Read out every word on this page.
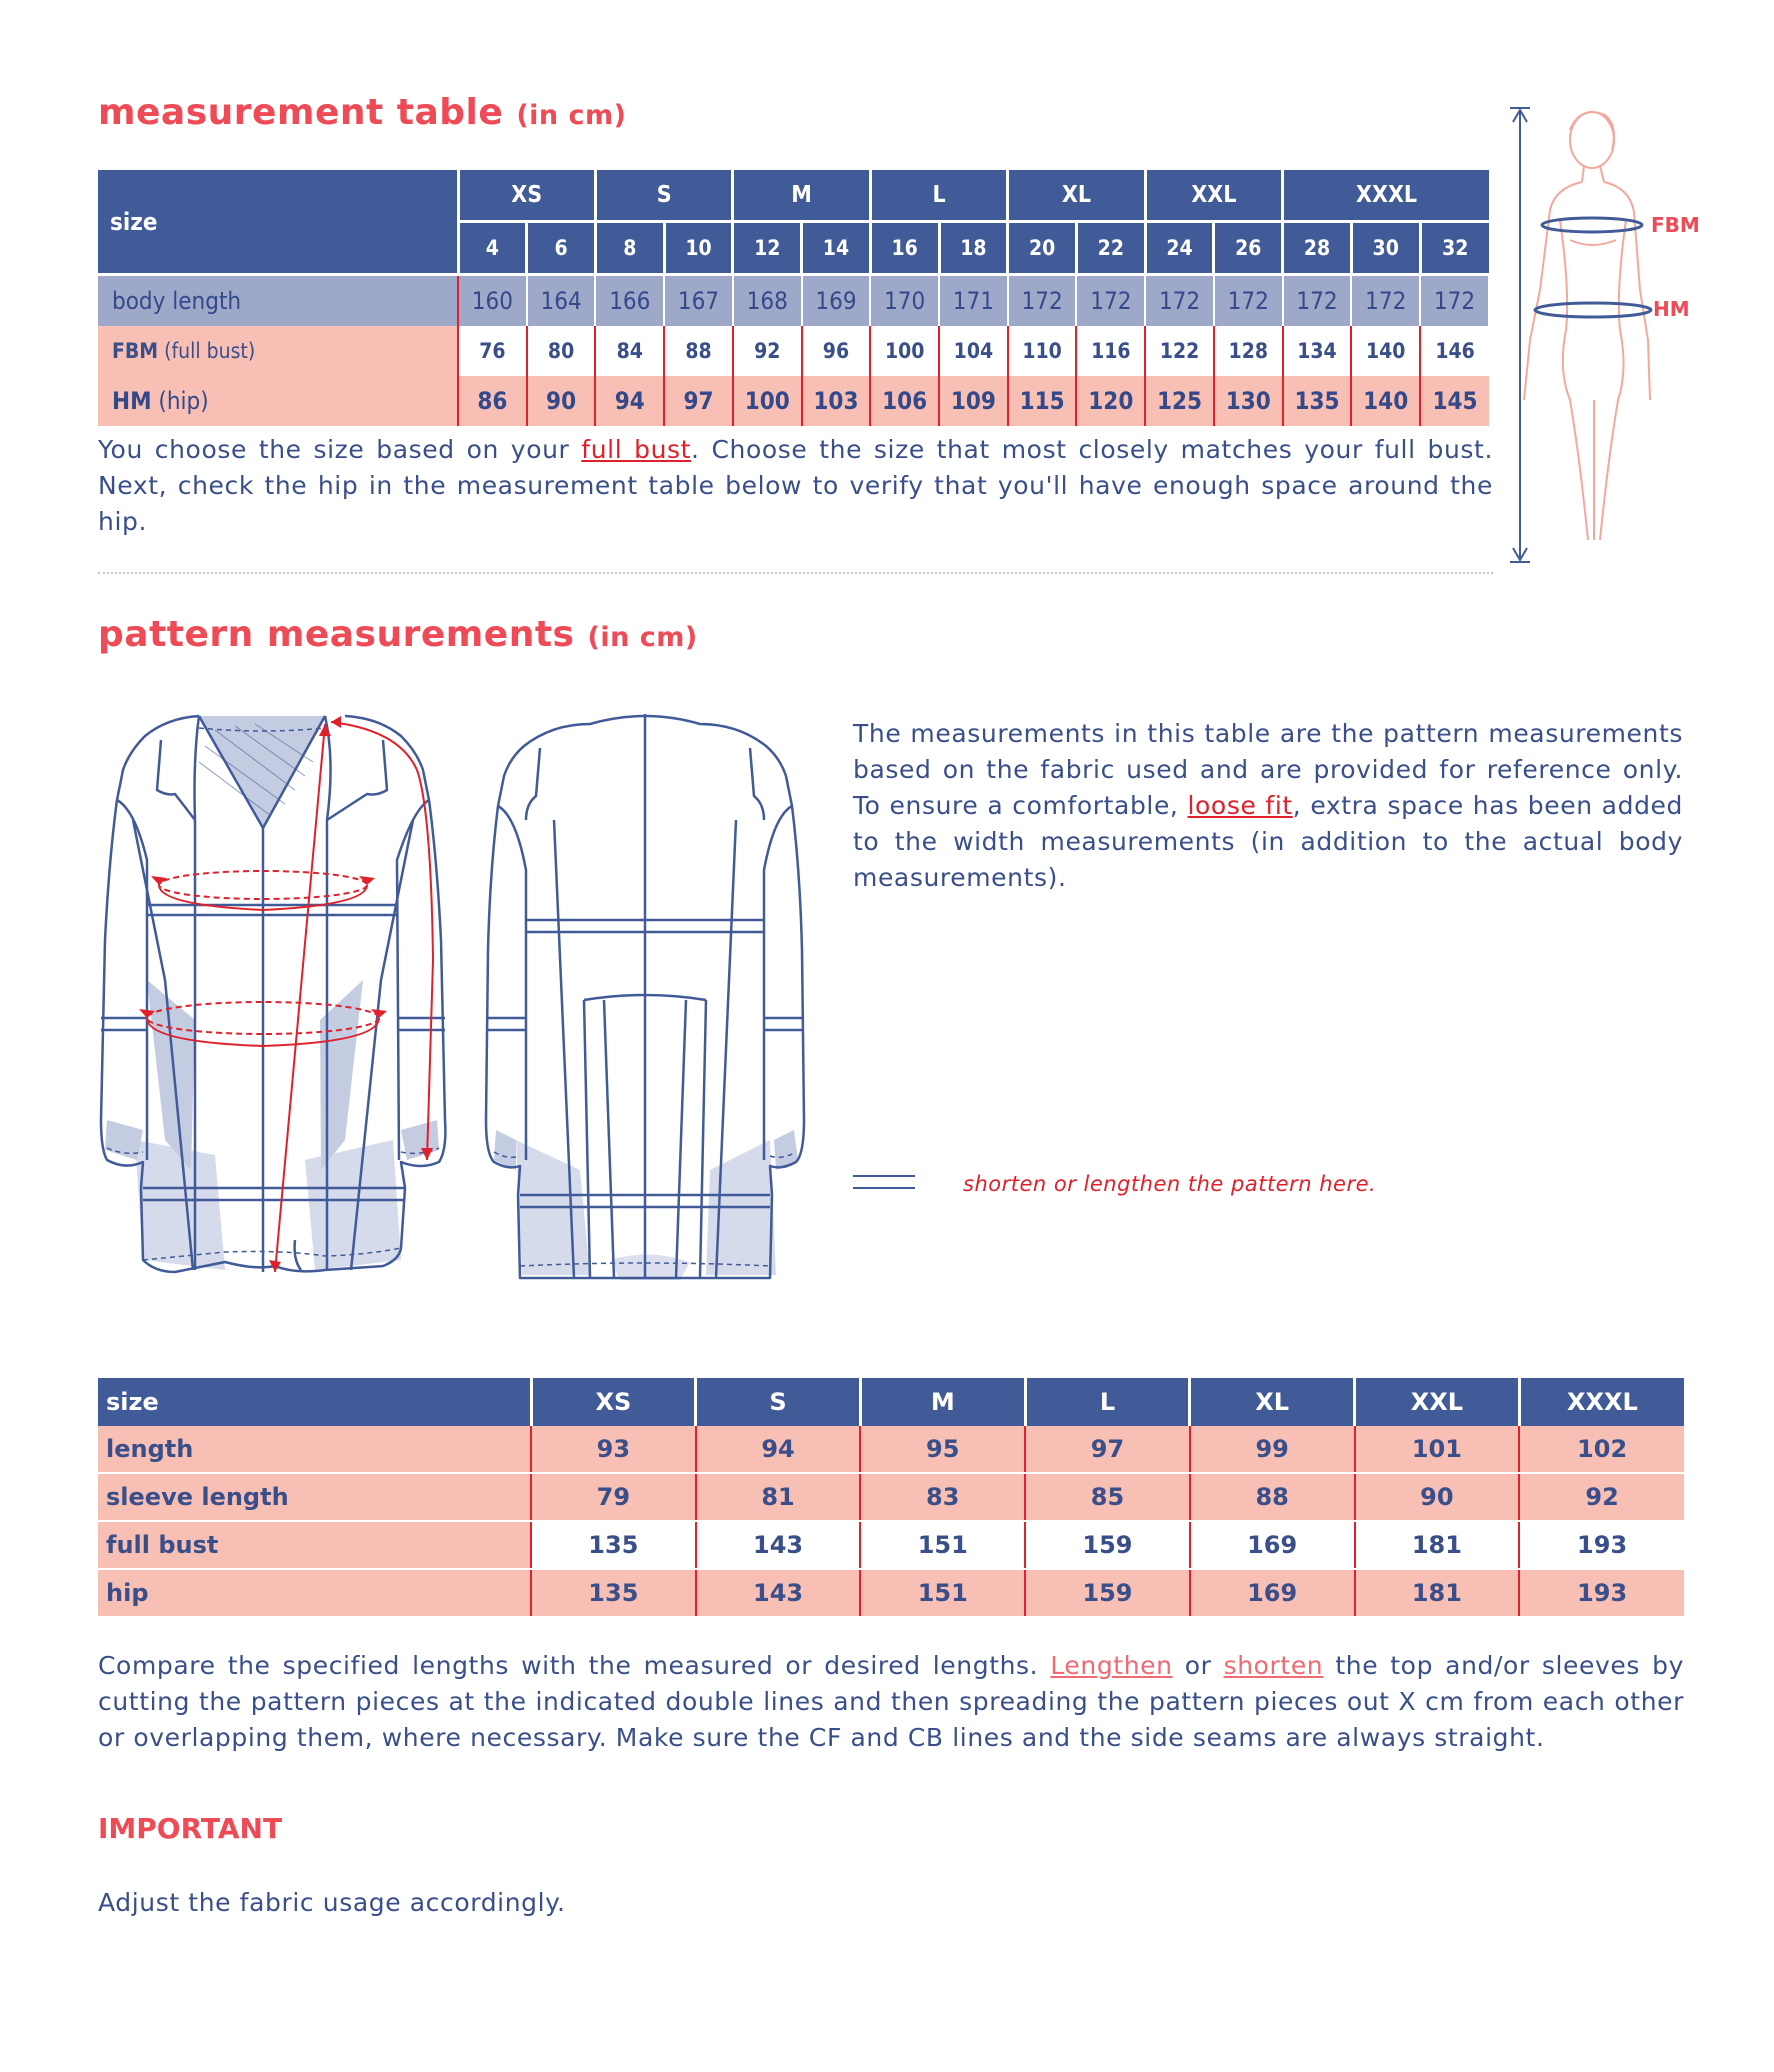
measurement table (in cm)
size	XS		S		M		L		XL		XXL		XXXL		
	4	6	8	10	12	14	16	18	20	22	24	26	28	30	32
body length	160	164	166	167	168	169	170	171	172	172	172	172	172	172	172
FBM (full bust)	76	80	84	88	92	96	100	104	110	116	122	128	134	140	146
HM (hip)	86	90	94	97	100	103	106	109	115	120	125	130	135	140	145

You choose the size based on your full bust. Choose the size that most closely matches your full bust. Next, check the hip in the measurement table below to verify that you'll have enough space around the hip.

FBM
HM
pattern measurements (in cm)

The measurements in this table are the pattern measurements based on the fabric used and are provided for reference only. To ensure a comfortable, loose fit, extra space has been added to the width measurements (in addition to the actual body measurements).

shorten or lengthen the pattern here.
size	XS	S	M	L	XL	XXL	XXXL
length	93	94	95	97	99	101	102
sleeve length	79	81	83	85	88	90	92
full bust	135	143	151	159	169	181	193
hip	135	143	151	159	169	181	193

Compare the specified lengths with the measured or desired lengths. Lengthen or shorten the top and/or sleeves by cutting the pattern pieces at the indicated double lines and then spreading the pattern pieces out X cm from each other or overlapping them, where necessary. Make sure the CF and CB lines and the side seams are always straight.

IMPORTANT

Adjust the fabric usage accordingly.
